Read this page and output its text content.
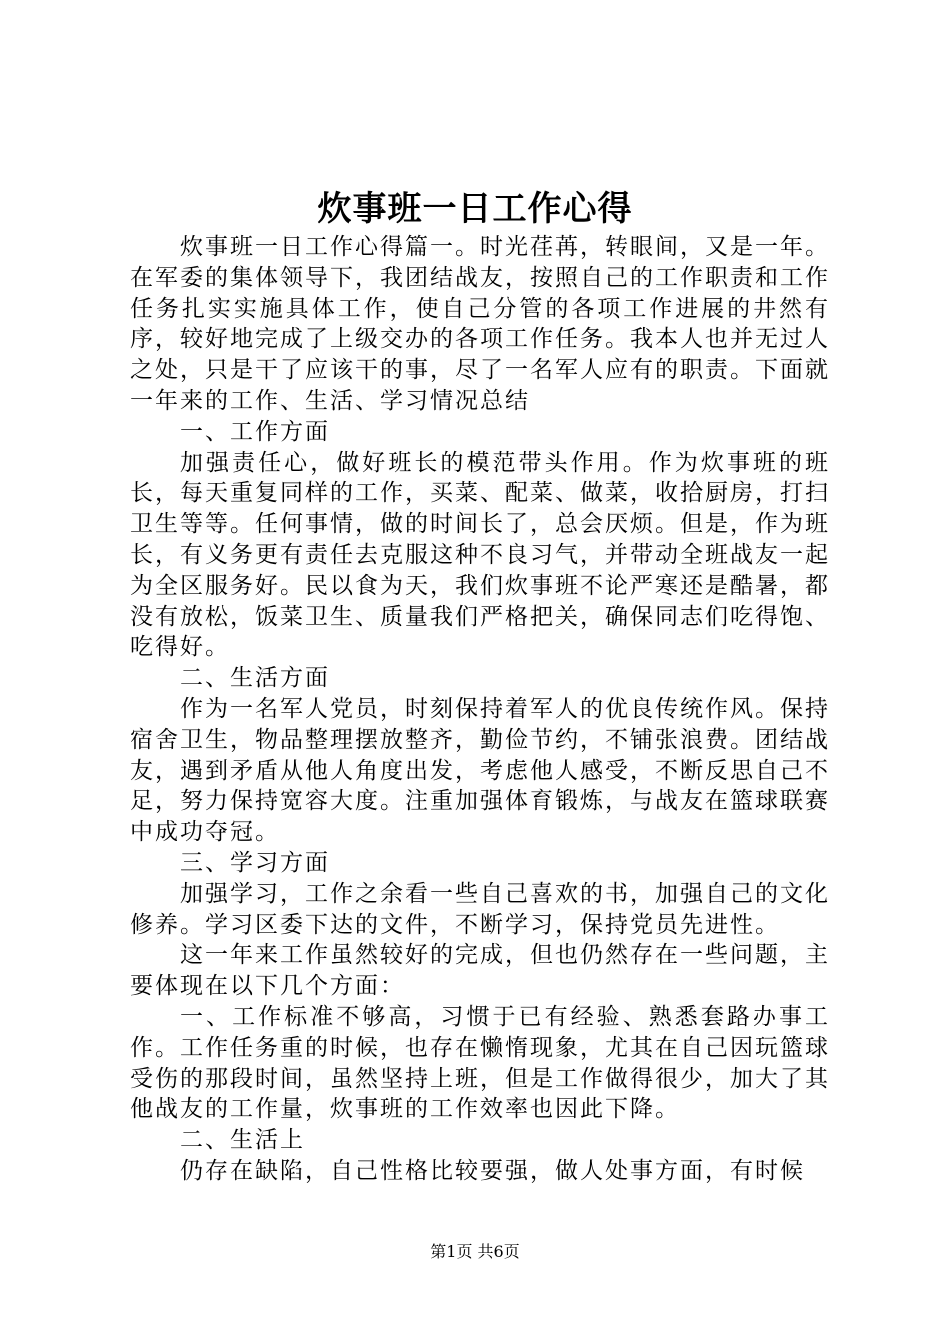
炊事班一日工作心得

炊事班一日工作心得篇一。时光荏苒，转眼间，又是一年。在军委的集体领导下，我团结战友，按照自己的工作职责和工作任务扎实实施具体工作，使自己分管的各项工作进展的井然有序，较好地完成了上级交办的各项工作任务。我本人也并无过人之处，只是干了应该干的事，尽了一名军人应有的职责。下面就一年来的工作、生活、学习情况总结

一、工作方面

加强责任心，做好班长的模范带头作用。作为炊事班的班长，每天重复同样的工作，买菜、配菜、做菜，收拾厨房，打扫卫生等等。任何事情，做的时间长了，总会厌烦。但是，作为班长，有义务更有责任去克服这种不良习气，并带动全班战友一起为全区服务好。民以食为天，我们炊事班不论严寒还是酷暑，都没有放松，饭菜卫生、质量我们严格把关，确保同志们吃得饱、吃得好。

二、生活方面

作为一名军人党员，时刻保持着军人的优良传统作风。保持宿舍卫生，物品整理摆放整齐，勤俭节约，不铺张浪费。团结战友，遇到矛盾从他人角度出发，考虑他人感受，不断反思自己不足，努力保持宽容大度。注重加强体育锻炼，与战友在篮球联赛中成功夺冠。

三、学习方面

加强学习，工作之余看一些自己喜欢的书，加强自己的文化修养。学习区委下达的文件，不断学习，保持党员先进性。

这一年来工作虽然较好的完成，但也仍然存在一些问题，主要体现在以下几个方面：

一、工作标准不够高，习惯于已有经验、熟悉套路办事工作。工作任务重的时候，也存在懒惰现象，尤其在自己因玩篮球受伤的那段时间，虽然坚持上班，但是工作做得很少，加大了其他战友的工作量，炊事班的工作效率也因此下降。

二、生活上

仍存在缺陷，自己性格比较要强，做人处事方面，有时候

第1页 共6页
